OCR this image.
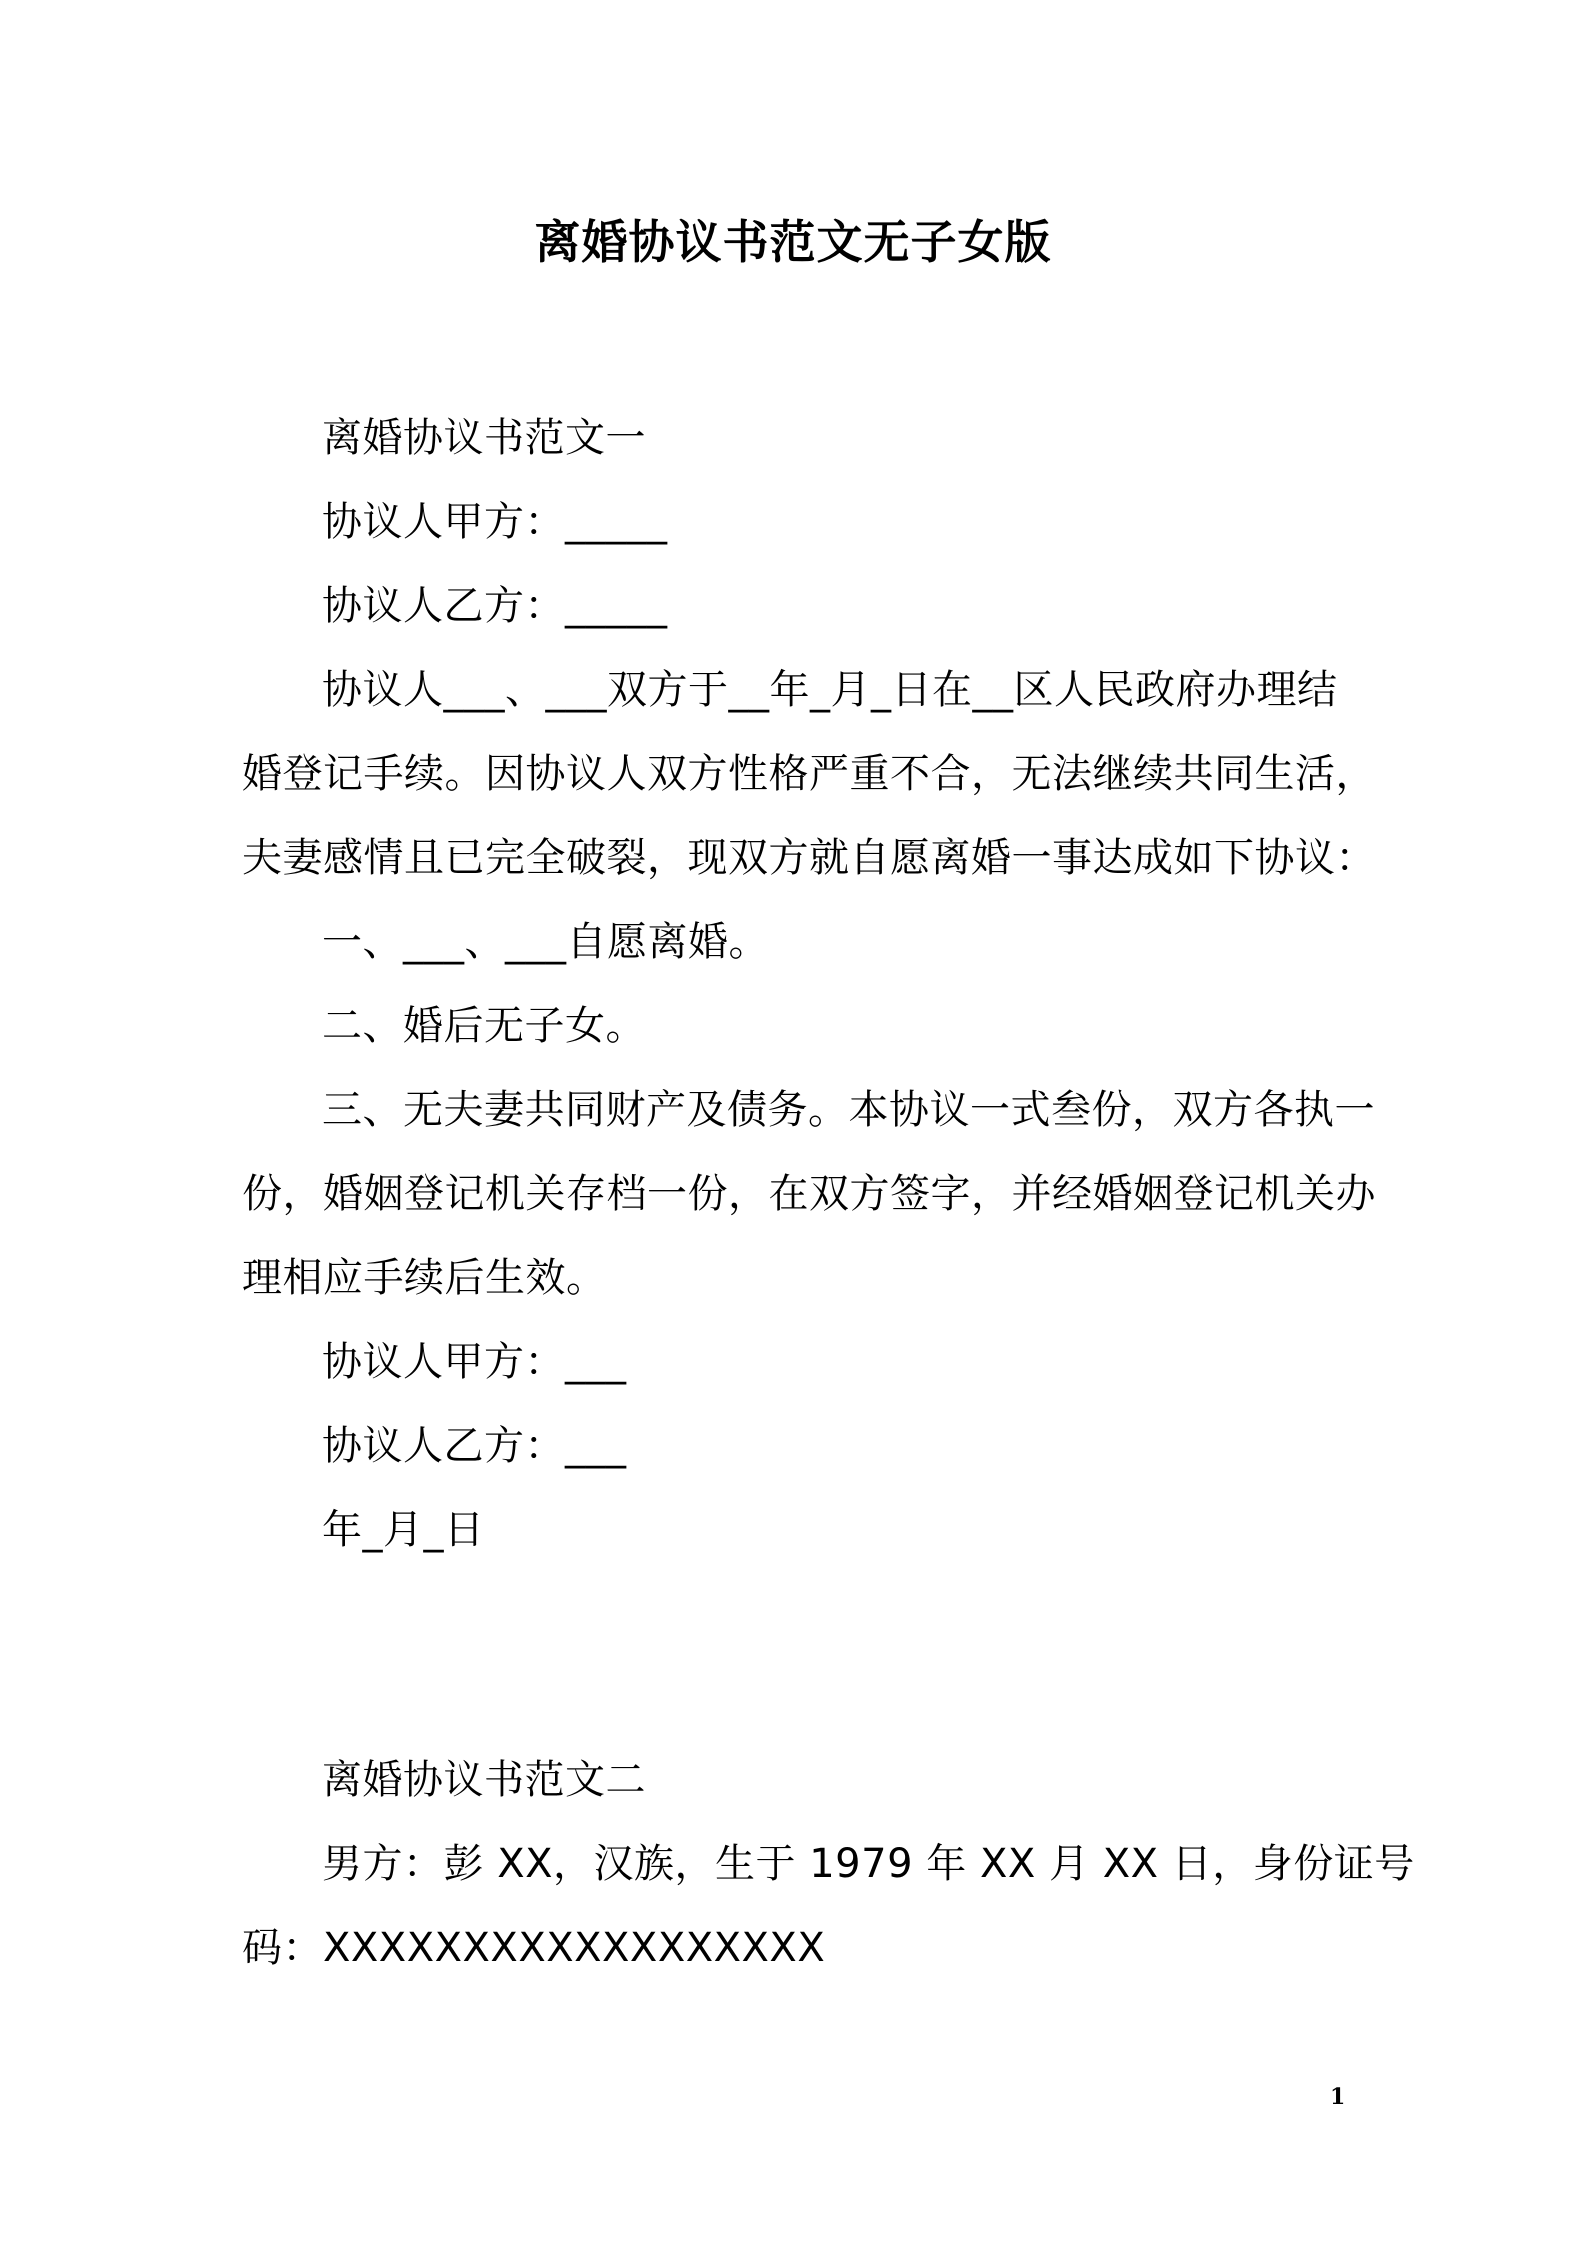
离婚协议书范文无子女版
离婚协议书范文一
协议人甲方：_____
协议人乙方：_____
协议人___、___双方于__年_月_日在__区人民政府办理结
婚登记手续。因协议人双方性格严重不合，无法继续共同生活，
夫妻感情且已完全破裂，现双方就自愿离婚一事达成如下协议：
一、___、___自愿离婚。
二、婚后无子女。
三、无夫妻共同财产及债务。本协议一式叁份，双方各执一
份，婚姻登记机关存档一份，在双方签字，并经婚姻登记机关办
理相应手续后生效。
协议人甲方：___
协议人乙方：___
年_月_日
离婚协议书范文二
男方：彭 XX，汉族，生于 1979 年 XX 月 XX 日，身份证号
码：XXXXXXXXXXXXXXXXXX
1
